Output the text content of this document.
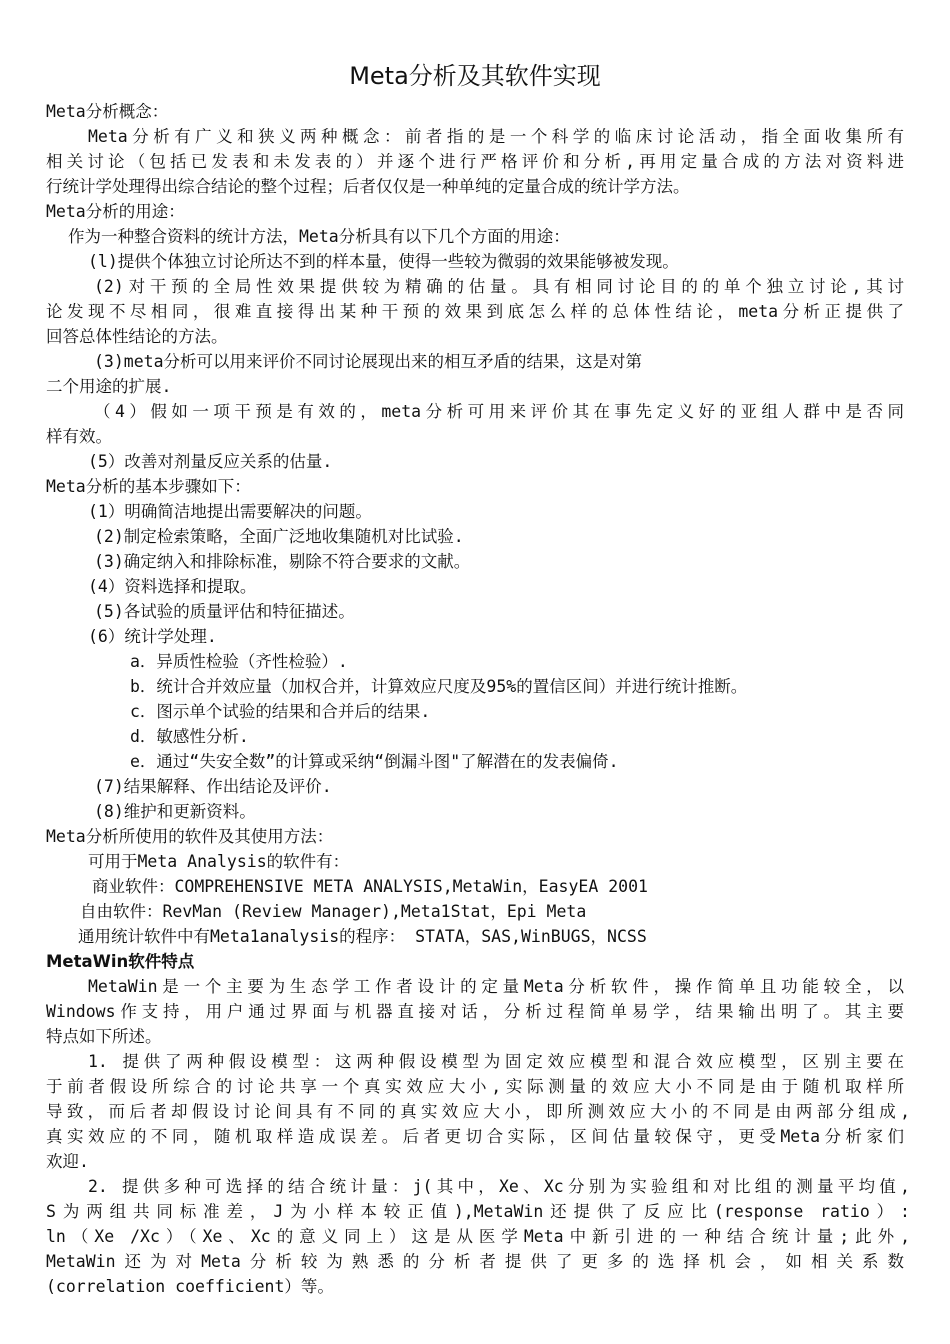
Meta分析及其软件实现
Meta分析概念：
Meta分析有广义和狭义两种概念：前者指的是一个科学的临床讨论活动，指全面收集所有
相关讨论（包括已发表和未发表的）并逐个进行严格评价和分析,再用定量合成的方法对资料进
行统计学处理得出综合结论的整个过程；后者仅仅是一种单纯的定量合成的统计学方法。
Meta分析的用途：
作为一种整合资料的统计方法，Meta分析具有以下几个方面的用途：
(l)提供个体独立讨论所达不到的样本量，使得一些较为微弱的效果能够被发现。
(2)对干预的全局性效果提供较为精确的估量。具有相同讨论目的的单个独立讨论,其讨
论发现不尽相同，很难直接得出某种干预的效果到底怎么样的总体性结论，meta分析正提供了
回答总体性结论的方法。
(3)meta分析可以用来评价不同讨论展现出来的相互矛盾的结果，这是对第
二个用途的扩展.
（4）假如一项干预是有效的，meta分析可用来评价其在事先定义好的亚组人群中是否同
样有效。
(5）改善对剂量反应关系的估量.
Meta分析的基本步骤如下：
(1）明确简洁地提出需要解决的问题。
(2)制定检索策略，全面广泛地收集随机对比试验.
(3)确定纳入和排除标准，剔除不符合要求的文献。
(4）资料选择和提取。
(5)各试验的质量评估和特征描述。
(6）统计学处理.
a．异质性检验（齐性检验）.
b．统计合并效应量（加权合并，计算效应尺度及95%的置信区间）并进行统计推断。
c．图示单个试验的结果和合并后的结果.
d．敏感性分析.
e．通过“失安全数”的计算或采纳“倒漏斗图"了解潜在的发表偏倚.
(7)结果解释、作出结论及评价.
(8)维护和更新资料。
Meta分析所使用的软件及其使用方法：
可用于Meta Analysis的软件有：
商业软件：COMPREHENSIVE META ANALYSIS,MetaWin，EasyEA 2001
自由软件：RevMan (Review Manager),Meta1Stat，Epi Meta
通用统计软件中有Meta1analysis的程序： STATA，SAS,WinBUGS，NCSS
MetaWin软件特点
MetaWin是一个主要为生态学工作者设计的定量Meta分析软件，操作简单且功能较全，以
Windows作支持，用户通过界面与机器直接对话，分析过程简单易学，结果输出明了。其主要
特点如下所述。
1. 提供了两种假设模型：这两种假设模型为固定效应模型和混合效应模型，区别主要在
于前者假设所综合的讨论共享一个真实效应大小,实际测量的效应大小不同是由于随机取样所
导致，而后者却假设讨论间具有不同的真实效应大小，即所测效应大小的不同是由两部分组成,
真实效应的不同，随机取样造成误差。后者更切合实际，区间估量较保守，更受Meta分析家们
欢迎.
2. 提供多种可选择的结合统计量：j(其中，Xe、Xc分别为实验组和对比组的测量平均值,
S为两组共同标准差，J为小样本较正值),MetaWin还提供了反应比(response ratio）:
ln（Xe /Xc）（Xe、Xc的意义同上）这是从医学Meta中新引进的一种结合统计量;此外,
MetaWin还为对Meta分析较为熟悉的分析者提供了更多的选择机会，如相关系数
(correlation coefficient）等。
